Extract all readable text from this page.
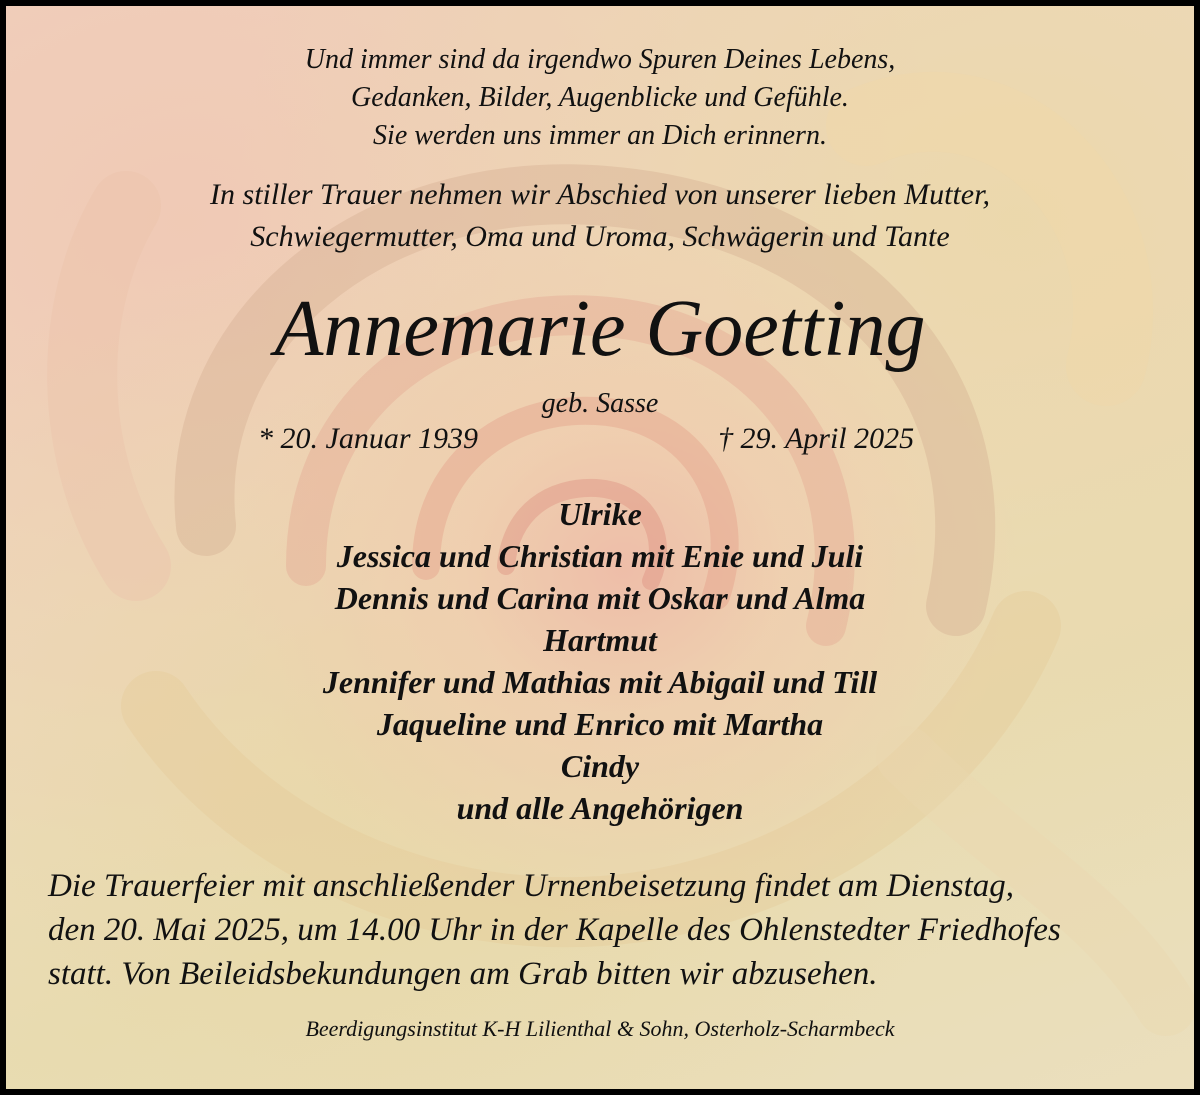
Und immer sind da irgendwo Spuren Deines Lebens,
Gedanken, Bilder, Augenblicke und Gefühle.
Sie werden uns immer an Dich erinnern.
In stiller Trauer nehmen wir Abschied von unserer lieben Mutter,
Schwiegermutter, Oma und Uroma, Schwägerin und Tante
Annemarie Goetting
geb. Sasse
* 20. Januar 1939	† 29. April 2025
Ulrike
Jessica und Christian mit Enie und Juli
Dennis und Carina mit Oskar und Alma
Hartmut
Jennifer und Mathias mit Abigail und Till
Jaqueline und Enrico mit Martha
Cindy
und alle Angehörigen
Die Trauerfeier mit anschließender Urnenbeisetzung findet am Dienstag,
den 20. Mai 2025, um 14.00 Uhr in der Kapelle des Ohlenstedter Friedhofes
statt. Von Beileidsbekundungen am Grab bitten wir abzusehen.
Beerdigungsinstitut K-H Lilienthal & Sohn, Osterholz-Scharmbeck
